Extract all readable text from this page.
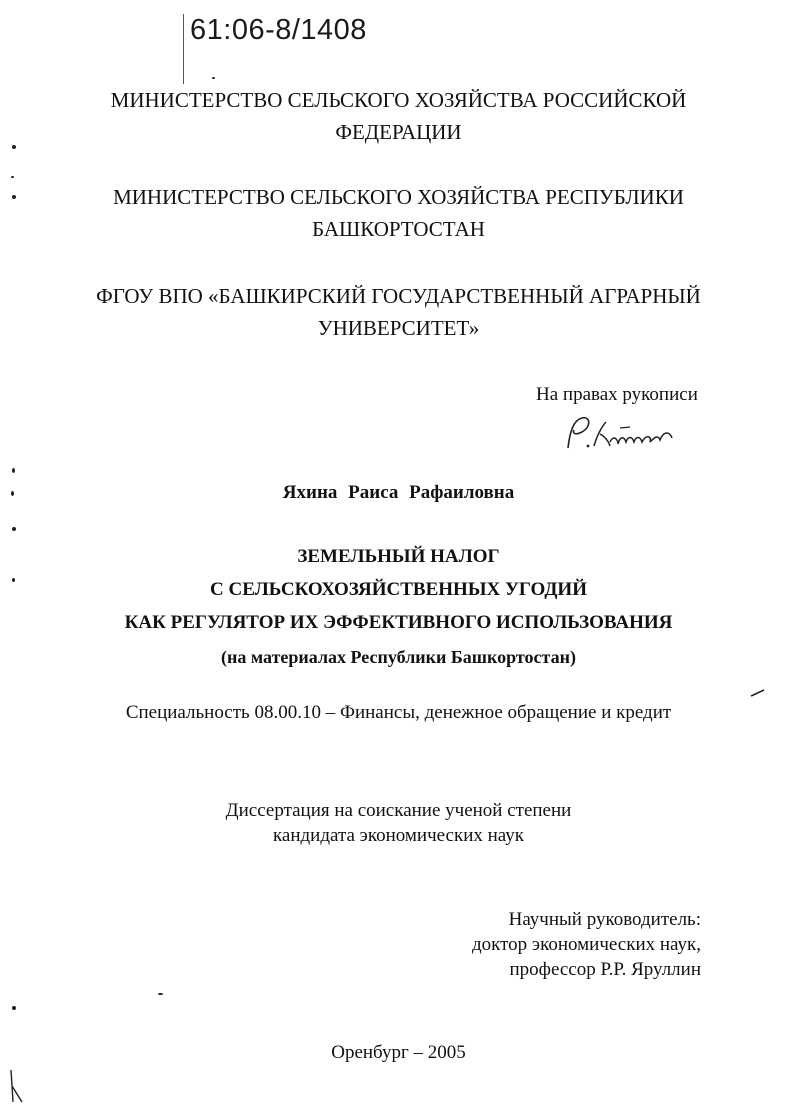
61:06-8/1408
МИНИСТЕРСТВО СЕЛЬСКОГО ХОЗЯЙСТВА РОССИЙСКОЙ
ФЕДЕРАЦИИ
МИНИСТЕРСТВО СЕЛЬСКОГО ХОЗЯЙСТВА РЕСПУБЛИКИ
БАШКОРТОСТАН
ФГОУ ВПО «БАШКИРСКИЙ ГОСУДАРСТВЕННЫЙ АГРАРНЫЙ
УНИВЕРСИТЕТ»
На правах рукописи
Яхина Раиса Рафаиловна
ЗЕМЕЛЬНЫЙ НАЛОГ
С СЕЛЬСКОХОЗЯЙСТВЕННЫХ УГОДИЙ
КАК РЕГУЛЯТОР ИХ ЭФФЕКТИВНОГО ИСПОЛЬЗОВАНИЯ
(на материалах Республики Башкортостан)
Специальность 08.00.10 – Финансы, денежное обращение и кредит
Диссертация на соискание ученой степени
кандидата экономических наук
Научный руководитель:
доктор экономических наук,
профессор Р.Р. Яруллин
Оренбург – 2005
